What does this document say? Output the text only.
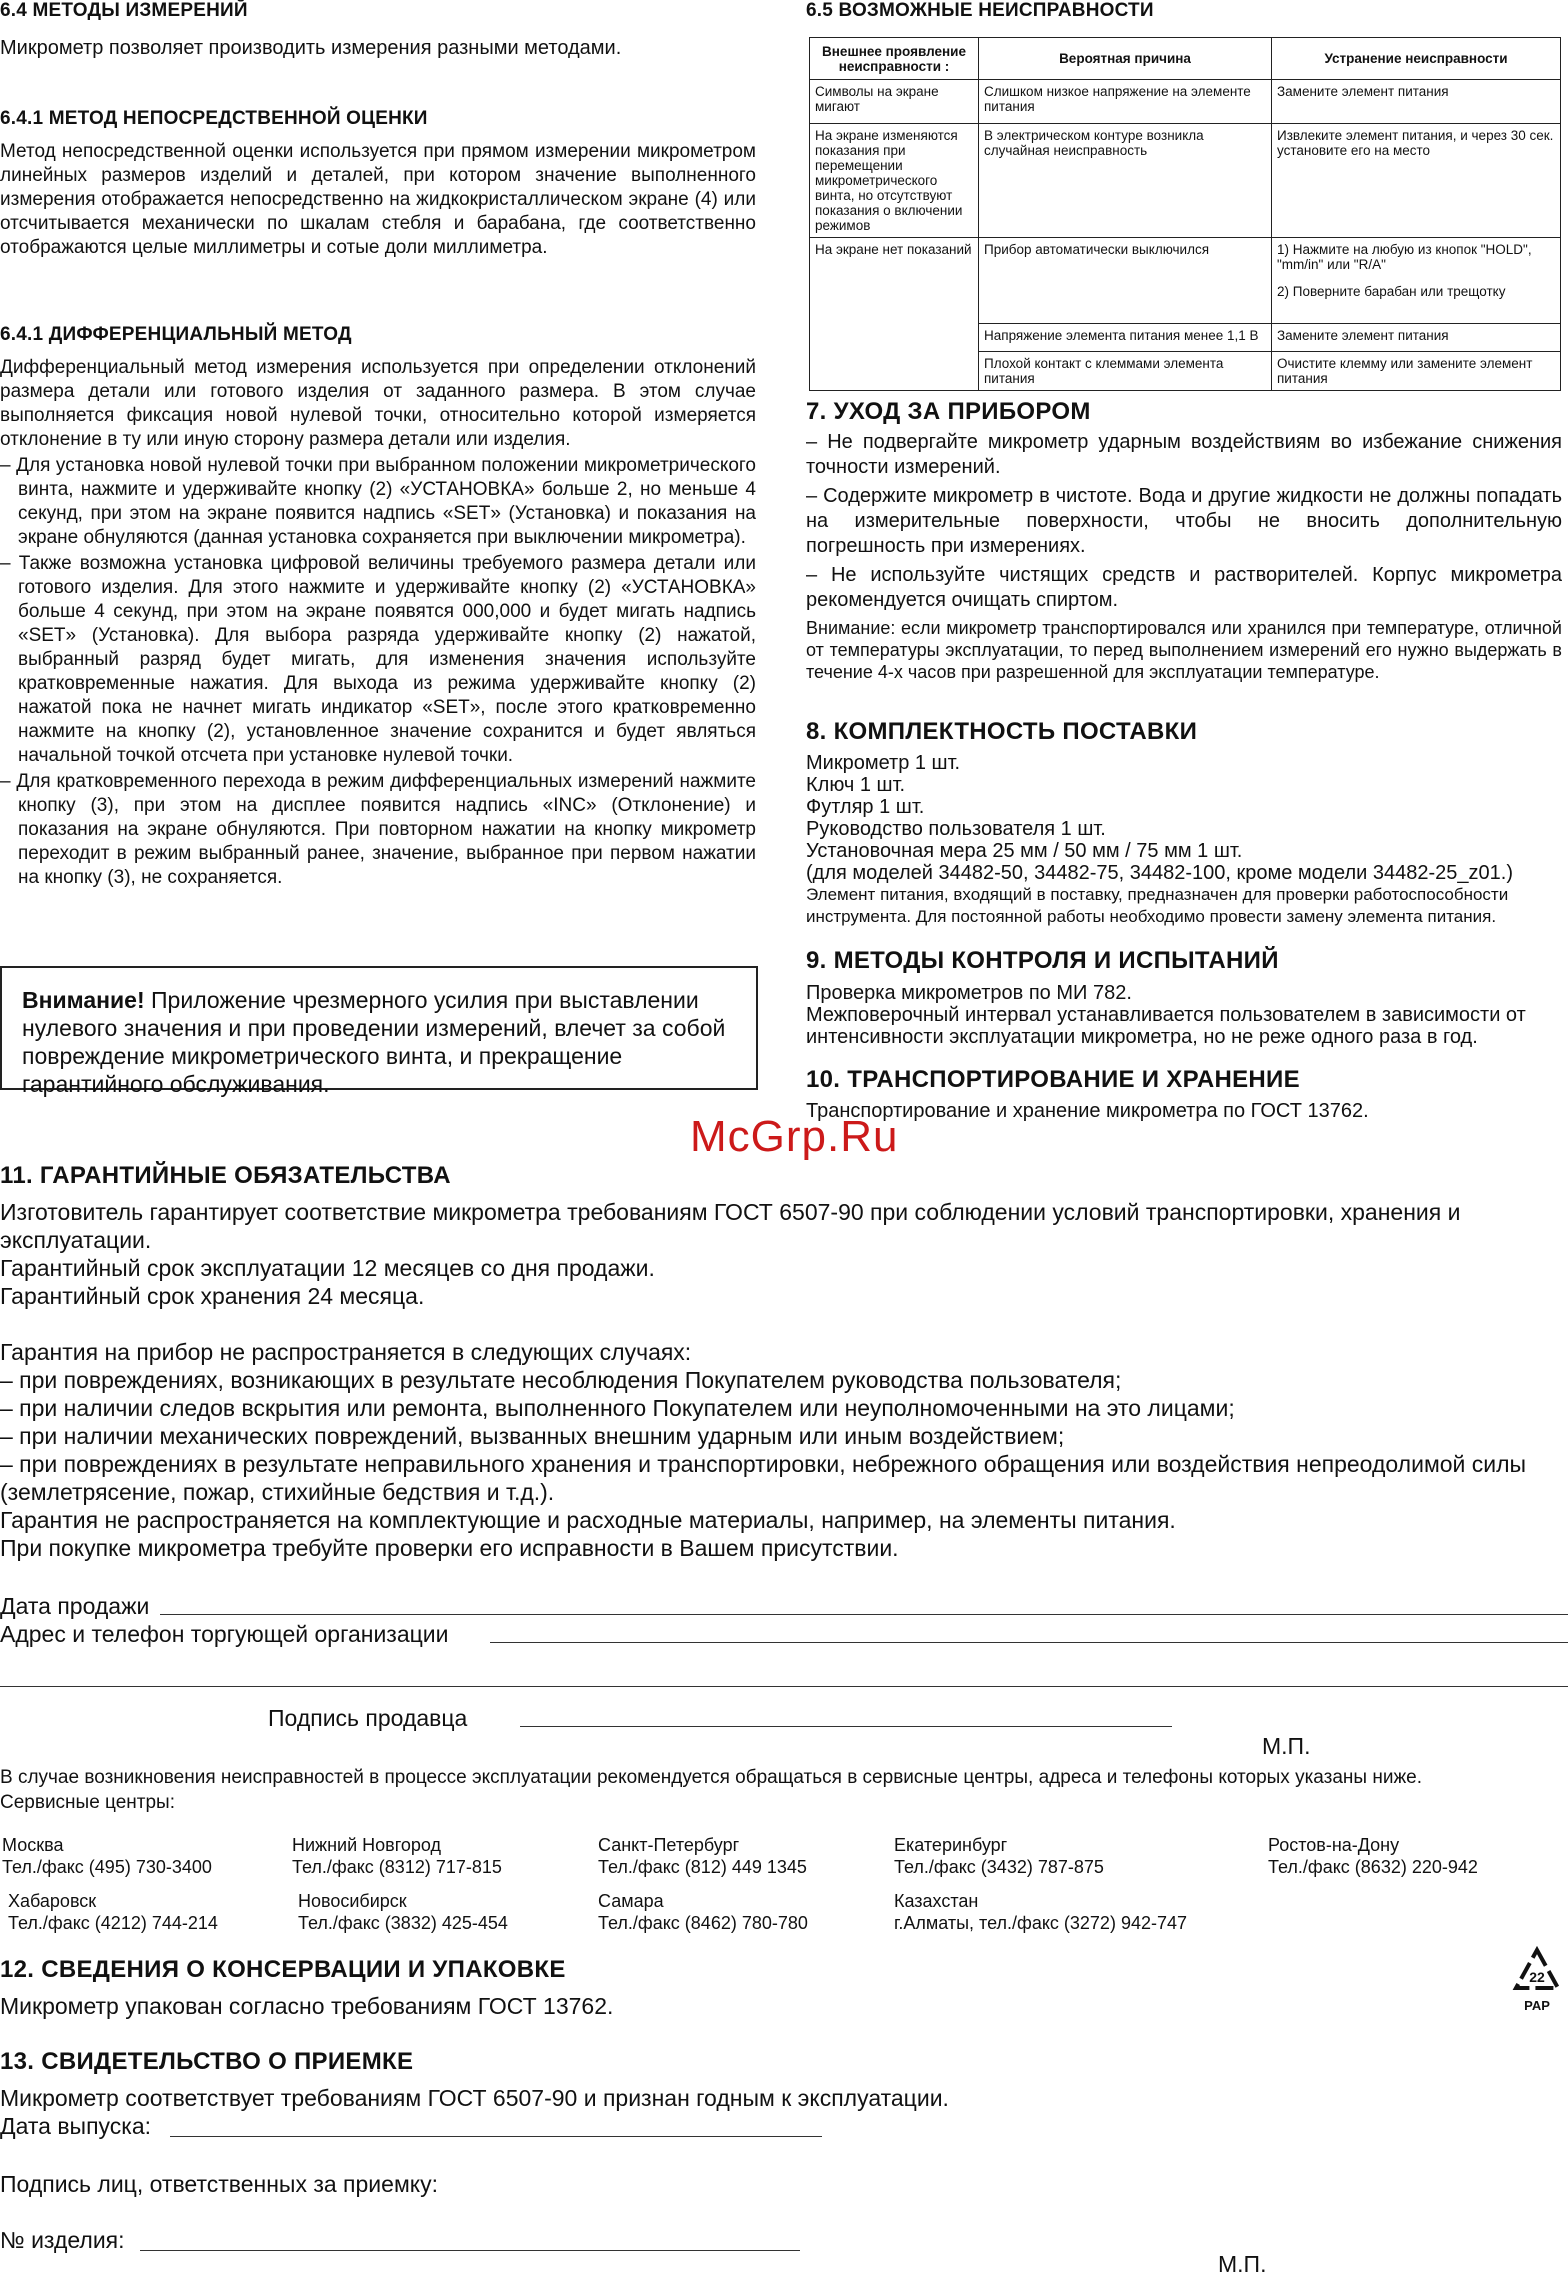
6.4 МЕТОДЫ ИЗМЕРЕНИЙ

Микрометр позволяет производить измерения разными методами.

6.4.1 МЕТОД НЕПОСРЕДСТВЕННОЙ ОЦЕНКИ

Метод непосредственной оценки используется при прямом измерении микрометром линейных размеров изделий и деталей, при котором значение выполненного измерения отображается непосредственно на жидкокристаллическом экране (4) или отсчитывается механически по шкалам стебля и барабана, где соответственно отображаются целые миллиметры и сотые доли миллиметра.

6.4.1 ДИФФЕРЕНЦИАЛЬНЫЙ МЕТОД

Дифференциальный метод измерения используется при определении отклонений размера детали или готового изделия от заданного размера. В этом случае выполняется фиксация новой нулевой точки, относительно которой измеряется отклонение в ту или иную сторону размера детали или изделия.

– Для установка новой нулевой точки при выбранном положении микрометрического винта, нажмите и удерживайте кнопку (2) «УСТАНОВКА» больше 2, но меньше 4 секунд, при этом на экране появится надпись «SET» (Установка) и показания на экране обнуляются (данная установка сохраняется при выключении микрометра).

– Также возможна установка цифровой величины требуемого размера детали или готового изделия. Для этого нажмите и удерживайте кнопку (2) «УСТАНОВКА» больше 4 секунд, при этом на экране появятся 000,000 и будет мигать надпись «SET» (Установка). Для выбора разряда удерживайте кнопку (2) нажатой, выбранный разряд будет мигать, для изменения значения используйте кратковременные нажатия. Для выхода из режима удерживайте кнопку (2) нажатой пока не начнет мигать индикатор «SET», после этого кратковременно нажмите на кнопку (2), установленное значение сохранится и будет являться начальной точкой отсчета при установке нулевой точки.

– Для кратковременного перехода в режим дифференциальных измерений нажмите кнопку (3), при этом на дисплее появится надпись «INC» (Отклонение) и показания на экране обнуляются. При повторном нажатии на кнопку микрометр переходит в режим выбранный ранее, значение, выбранное при первом нажатии на кнопку (3), не сохраняется.

Внимание! Приложение чрезмерного усилия при выставлении нулевого значения и при проведении измерений, влечет за собой повреждение микрометрического винта, и прекращение гарантийного обслуживания.
6.5 ВОЗМОЖНЫЕ НЕИСПРАВНОСТИ
Внешнее проявление неисправности :	Вероятная причина	Устранение неисправности
Символы на экране мигают	Слишком низкое напряжение на элементе питания	Замените элемент питания
На экране изменяются показания при перемещении микрометрического винта, но отсутствуют показания о включении режимов	В электрическом контуре возникла случайная неисправность	Извлеките элемент питания, и через 30 сек. установите его на место
На экране нет показаний	Прибор автоматически выключился	1) Нажмите на любую из кнопок "HOLD", "mm/in" или "R/A"
2) Поверните барабан или трещотку

	Напряжение элемента питания менее 1,1 В	Замените элемент питания
	Плохой контакт с клеммами элемента питания	Очистите клемму или замените элемент питания
7. УХОД ЗА ПРИБОРОМ

– Не подвергайте микрометр ударным воздействиям во избежание снижения точности измерений.

– Содержите микрометр в чистоте. Вода и другие жидкости не должны попадать на измерительные поверхности, чтобы не вносить дополнительную погрешность при измерениях.

– Не используйте чистящих средств и растворителей. Корпус микрометра рекомендуется очищать спиртом.

Внимание: если микрометр транспортировался или хранился при температуре, отличной от температуры эксплуатации, то перед выполнением измерений его нужно выдержать в течение 4-х часов при разрешенной для эксплуатации температуре.

8. КОМПЛЕКТНОСТЬ ПОСТАВКИ

Микрометр 1 шт.

Ключ 1 шт.

Футляр 1 шт.

Руководство пользователя 1 шт.

Установочная мера 25 мм / 50 мм / 75 мм 1 шт.

(для моделей 34482-50, 34482-75, 34482-100, кроме модели 34482-25_z01.)

Элемент питания, входящий в поставку, предназначен для проверки работоспособности инструмента. Для постоянной работы необходимо провести замену элемента питания.

9. МЕТОДЫ КОНТРОЛЯ И ИСПЫТАНИЙ

Проверка микрометров по МИ 782.

Межповерочный интервал устанавливается пользователем в зависимости от интенсивности эксплуатации микрометра, но не реже одного раза в год.

10. ТРАНСПОРТИРОВАНИЕ И ХРАНЕНИЕ

Транспортирование и хранение микрометра по ГОСТ 13762.

McGrp.Ru
11. ГАРАНТИЙНЫЕ ОБЯЗАТЕЛЬСТВА

Изготовитель гарантирует соответствие микрометра требованиям ГОСТ 6507-90 при соблюдении условий транспортировки, хранения и эксплуатации.

Гарантийный срок эксплуатации 12 месяцев со дня продажи.

Гарантийный срок хранения 24 месяца.

Гарантия на прибор не распространяется в следующих случаях:

– при повреждениях, возникающих в результате несоблюдения Покупателем руководства пользователя;

– при наличии следов вскрытия или ремонта, выполненного Покупателем или неуполномоченными на это лицами;

– при наличии механических повреждений, вызванных внешним ударным или иным воздействием;

– при повреждениях в результате неправильного хранения и транспортировки, небрежного обращения или воздействия непреодолимой силы (землетрясение, пожар, стихийные бедствия и т.д.).

Гарантия не распространяется на комплектующие и расходные материалы, например, на элементы питания.

При покупке микрометра требуйте проверки его исправности в Вашем присутствии.

Дата продажи
Адрес и телефон торгующей организации
Подпись продавца
М.П.

В случае возникновения неисправностей в процессе эксплуатации рекомендуется обращаться в сервисные центры, адреса и телефоны которых указаны ниже.

Сервисные центры:

Москва
Тел./факс (495) 730-3400
Нижний Новгород
Тел./факс (8312) 717-815
Санкт-Петербург
Тел./факс (812) 449 1345
Екатеринбург
Тел./факс (3432) 787-875
Ростов-на-Дону
Тел./факс (8632) 220-942
Хабаровск
Тел./факс (4212) 744-214
Новосибирск
Тел./факс (3832) 425-454
Самара
Тел./факс (8462) 780-780
Казахстан
г.Алматы, тел./факс (3272) 942-747
22
PAP
12. СВЕДЕНИЯ О КОНСЕРВАЦИИ И УПАКОВКЕ

Микрометр упакован согласно требованиям ГОСТ 13762.

13. СВИДЕТЕЛЬСТВО О ПРИЕМКЕ

Микрометр соответствует требованиям ГОСТ 6507-90 и признан годным к эксплуатации.

Дата выпуска:
Подпись лиц, ответственных за приемку:
№ изделия:
М.П.
